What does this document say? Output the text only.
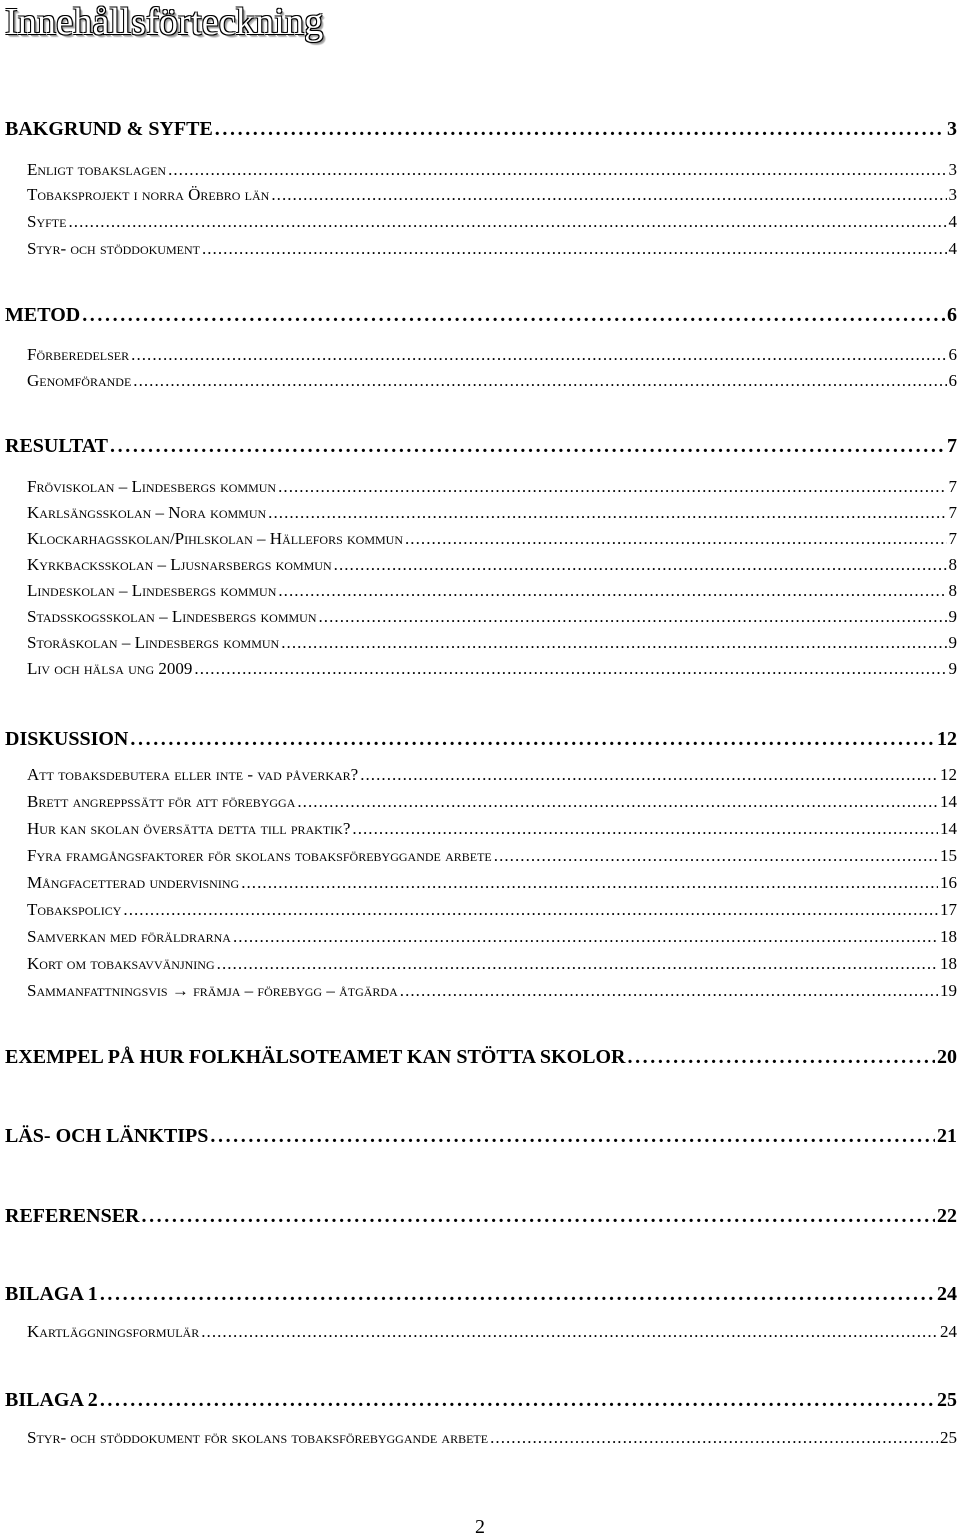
Innehållsförteckning
BAKGRUND & SYFTE . . .	3
Enligt tobakslagen . . .	3
Tobaksprojekt i norra Örebro län . . .	3
Syfte . . .	4
Styr- och stöddokument . . .	4
METOD . . .	6
Förberedelser . . .	6
Genomförande . . .	6
RESULTAT . . .	7
Fröviskolan – Lindesbergs kommun . . .	7
Karlsängsskolan – Nora kommun . . .	7
Klockarhagsskolan/Pihlskolan – Hällefors kommun . . .	7
Kyrkbacksskolan – Ljusnarsbergs kommun . . .	8
Lindeskolan – Lindesbergs kommun . . .	8
Stadsskogsskolan – Lindesbergs kommun . . .	9
Storåskolan – Lindesbergs kommun . . .	9
Liv och hälsa ung 2009 . . .	9
DISKUSSION . . .	12
Att tobaksdebutera eller inte - vad påverkar? . . .	12
Brett angreppssätt för att förebygga . . .	14
Hur kan skolan översätta detta till praktik? . . .	14
Fyra framgångsfaktorer för skolans tobaksförebyggande arbete . . .	15
Mångfacetterad undervisning . . .	16
Tobakspolicy . . .	17
Samverkan med föräldrarna . . .	18
Kort om tobaksavvänjning . . .	18
Sammanfattningsvis → främja – förebygg – åtgärda . . .	19
EXEMPEL PÅ HUR FOLKHÄLSOTEAMET KAN STÖTTA SKOLOR . . .	20
LÄS- OCH LÄNKTIPS . . .	21
REFERENSER . . .	22
BILAGA 1 . . .	24
Kartläggningsformulär . . .	24
BILAGA 2 . . .	25
Styr- och stöddokument för skolans tobaksförebyggande arbete . . .	25
2
